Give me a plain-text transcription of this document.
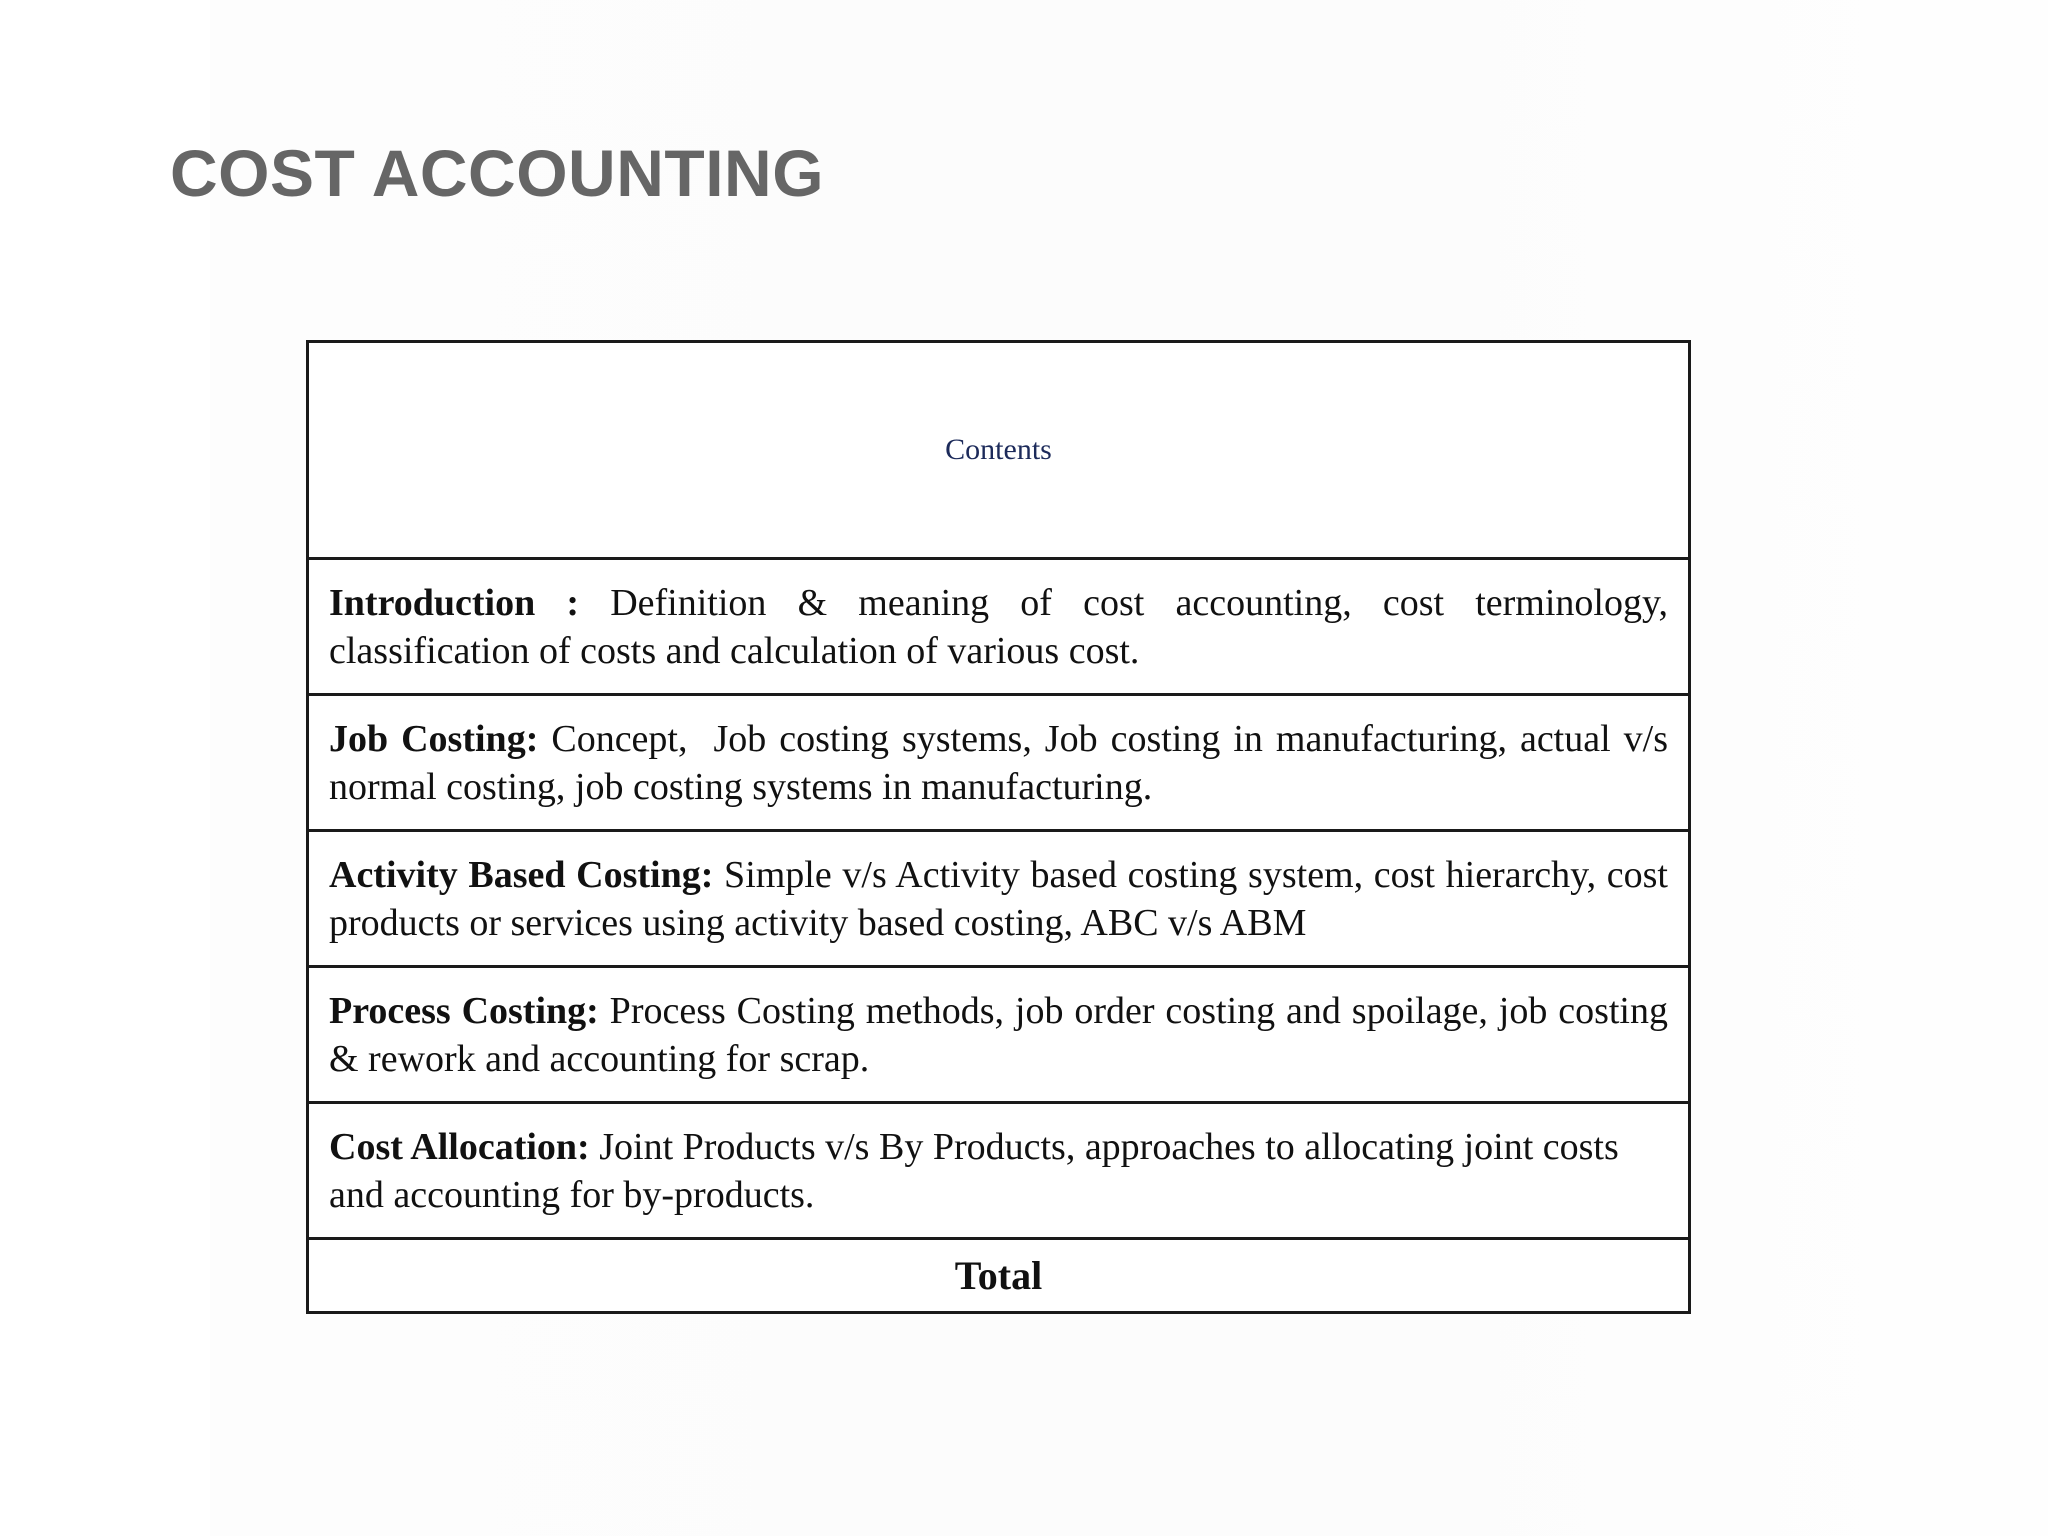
COST ACCOUNTING
Contents
Introduction : Definition & meaning of cost accounting, cost terminology, classification of costs and calculation of various cost.
Job Costing: Concept,  Job costing systems, Job costing in manufacturing, actual v/s normal costing, job costing systems in manufacturing.
Activity Based Costing: Simple v/s Activity based costing system, cost hierarchy, cost products or services using activity based costing, ABC v/s ABM
Process Costing: Process Costing methods, job order costing and spoilage, job costing & rework and accounting for scrap.
Cost Allocation: Joint Products v/s By Products, approaches to allocating joint costs and accounting for by-products.
Total
